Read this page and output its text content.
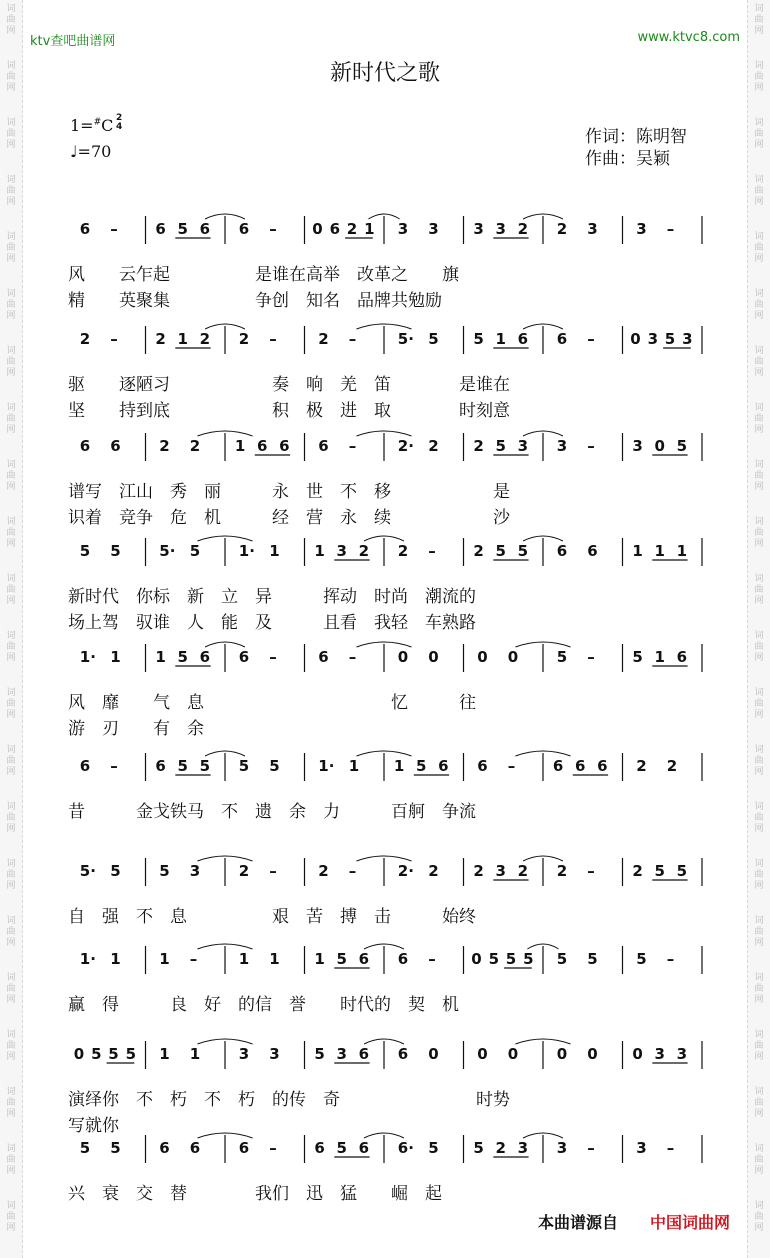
词
曲
网
词
曲
网
词
曲
网
词
曲
网
词
曲
网
词
曲
网
词
曲
网
词
曲
网
词
曲
网
词
曲
网
词
曲
网
词
曲
网
词
曲
网
词
曲
网
词
曲
网
词
曲
网
词
曲
网
词
曲
网
词
曲
网
词
曲
网
词
曲
网
词
曲
网
词
曲
网
词
曲
网
词
曲
网
词
曲
网
词
曲
网
词
曲
网
词
曲
网
词
曲
网
词
曲
网
词
曲
网
词
曲
网
词
曲
网
词
曲
网
词
曲
网
词
曲
网
词
曲
网
词
曲
网
词
曲
网
词
曲
网
词
曲
网
词
曲
网
词
曲
网
ktv查吧曲谱网	www.ktvc8.com
新时代之歌
1=#C 2
4
♩=70
作词：陈明智
作曲：吴颖
6 –	6 5 6 6 – 0 6 2 1 3 3 3 3 2 2 3	3 –
风　　云乍起　　　　　是谁在高举　改革之　　旗
精　　英聚集　　　　　争创　知名　品牌共勉励
2 –	2 1 2 2 –	2 –	5· 5 5 1 6 6 – 0 3 5 3
驱　　逐陋习　　　　　　奏　响　羌　笛　　　　是谁在
坚　　持到底　　　　　　积　极　进　取　　　　时刻意
6 6	2 2 1 6 6 6 –	2· 2 2 5 3 3 –	3 0 5
谱写　江山　秀　丽　　　永　世　不　移　　　　　　是
识着　竞争　危　机　　　经　营　永　续　　　　　　沙
5 5	5· 5	1· 1 1 3 2 2 –	2 5 5 6 6 1 1 1
新时代　你标　新　立　异　　　挥动　时尚　潮流的
场上驾　驭谁　人　能　及　　　且看　我轻　车熟路
1· 1 1 5 6 6 –	6 –	0 0	0 0	5 –	5 1 6
风　靡　　气　息　　　　　　　　　　　忆　　　往
游　刃　　有　余
6 –	6 5 5 5 5	1· 1 1 5 6 6 –	6 6 6 2 2
昔　　　金戈铁马　不　遗　余　力　　　百舸　争流
5· 5	5 3	2 –	2 –	2· 2 2 3 2 2 –	2 5 5
自　强　不　息　　　　　艰　苦　搏　击　　　始终
1· 1	1 –	1 1 1 5 6 6 – 0 5 5 5 5 5	5 –
赢　得　　　良　好　的信　誉　　时代的　契　机
0 5 5 5 1 1	3 3 5 3 6 6 0	0 0	0 0 0 3 3
演绎你　不　朽　不　朽　的传　奇　　　　　　　　时势
写就你
5 5	6 6	6 –	6 5 6 6· 5 5 2 3 3 –	3 –
兴　衰　交　替　　　　我们　迅　猛　　崛　起
本曲谱源自 中国词曲网
